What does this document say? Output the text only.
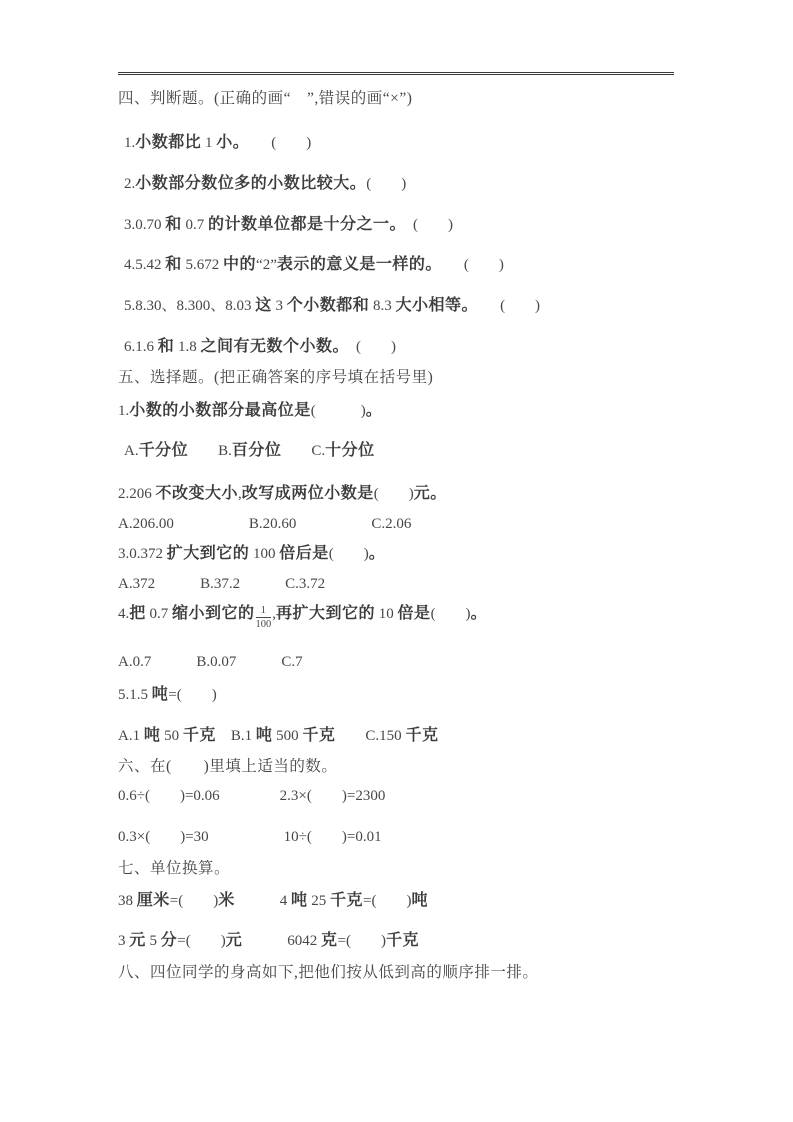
四、判断题。(正确的画“　”,错误的画“×”)
1.小数都比 1 小。　　(　　)
2.小数部分数位多的小数比较大。(　　)
3.0.70 和 0.7 的计数单位都是十分之一。　(　　)
4.5.42 和 5.672 中的“2”表示的意义是一样的。　　(　　)
5.8.30、8.300、8.03 这 3 个小数都和 8.3 大小相等。　　(　　)
6.1.6 和 1.8 之间有无数个小数。　(　　)
五、选择题。(把正确答案的序号填在括号里)
1.小数的小数部分最高位是(　　　)。
A.千分位　　B.百分位　　C.十分位
2.206 不改变大小,改写成两位小数是(　　)元。
A.206.00　　　　　B.20.60　　　　　C.2.06
3.0.372 扩大到它的 100 倍后是(　　)。
A.372　　　B.37.2　　　C.3.72
4.把 0.7 缩小到它的 $\frac{1}{100}$ ,再扩大到它的 10 倍是(　　)。
A.0.7　　　B.0.07　　　C.7
5.1.5 吨=(　　)
A.1 吨 50 千克　B.1 吨 500 千克　　C.150 千克
六、在(　　)里填上适当的数。
0.6÷(　　)=0.06　　　　2.3×(　　)=2300
0.3×(　　)=30　　　　　10÷(　　)=0.01
七、单位换算。
38 厘米=(　　)米　　　4 吨 25 千克=(　　)吨
3 元 5 分=(　　)元　　　6042 克=(　　)千克
八、四位同学的身高如下,把他们按从低到高的顺序排一排。
